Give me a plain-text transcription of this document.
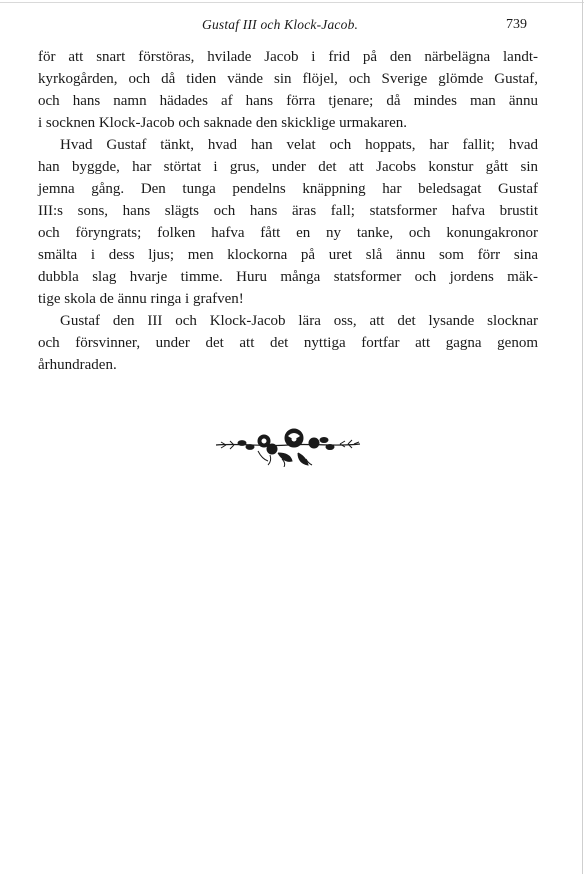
Gustaf III och Klock-Jacob.	739
för att snart förstöras, hvilade Jacob i frid på den närbelägna landt-
kyrkogården, och då tiden vände sin flöjel, och Sverige glömde Gustaf,
och hans namn hädades af hans förra tjenare; då mindes man ännu
i socknen Klock-Jacob och saknade den skicklige urmakaren.
Hvad Gustaf tänkt, hvad han velat och hoppats, har fallit; hvad
han byggde, har störtat i grus, under det att Jacobs konstur gått sin
jemna gång. Den tunga pendelns knäppning har beledsagat Gustaf
III:s sons, hans slägts och hans äras fall; statsformer hafva brustit
och föryngrats; folken hafva fått en ny tanke, och konungakronor
smälta i dess ljus; men klockorna på uret slå ännu som förr sina
dubbla slag hvarje timme. Huru många statsformer och jordens mäk-
tige skola de ännu ringa i grafven!
Gustaf den III och Klock-Jacob lära oss, att det lysande slocknar
och försvinner, under det att det nyttiga fortfar att gagna genom
århundraden.
